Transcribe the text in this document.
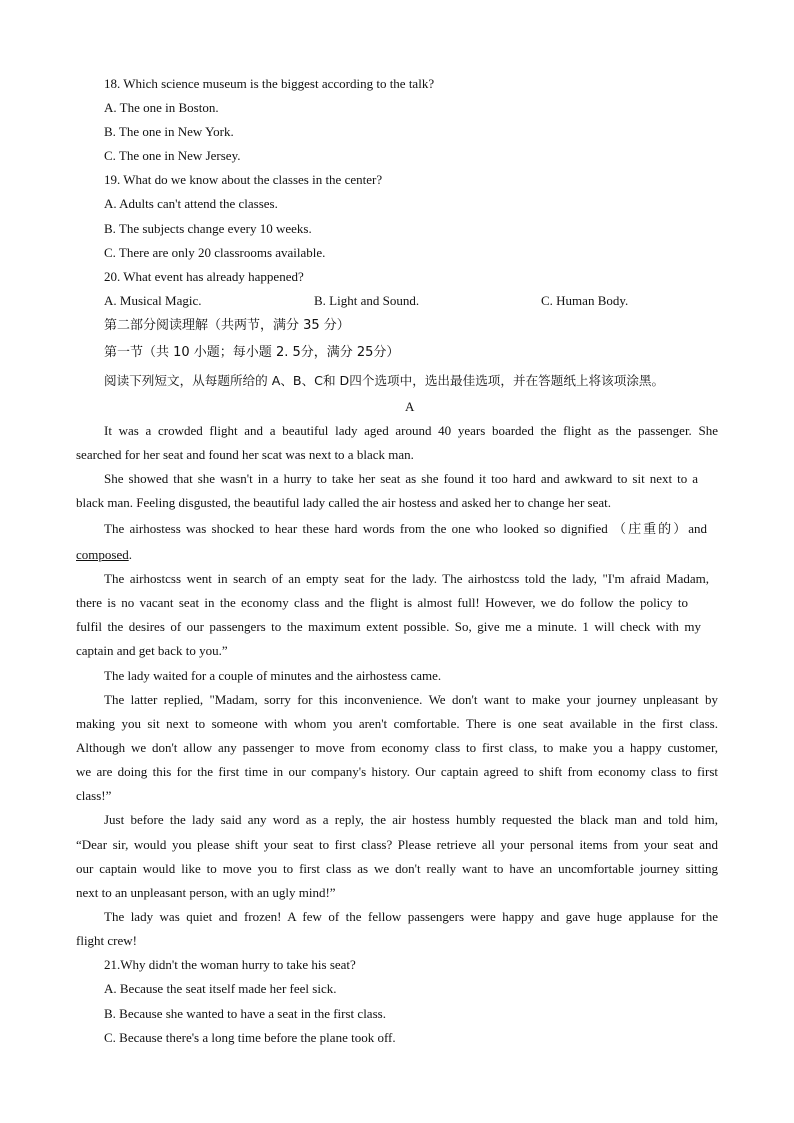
18. Which science museum is the biggest according to the talk?
A. The one in Boston.
B. The one in New York.
C. The one in New Jersey.
19. What do we know about the classes in the center?
A. Adults can't attend the classes.
B. The subjects change every 10 weeks.
C. There are only 20 classrooms available.
20. What event has already happened?
A. Musical Magic.	B. Light and Sound.	C. Human Body.
第二部分阅读理解（共两节，满分 35 分）
第一节（共 10 小题；每小题 2. 5分，满分 25分）
阅读下列短文，从每题所给的 A、B、C和 D四个选项中，选出最佳选项，并在答题纸上将该项涂黑。
A
It was a crowded flight and a beautiful lady aged around 40 years boarded the flight as the passenger. She
searched for her seat and found her scat was next to a black man.
She showed that she wasn't in a hurry to take her seat as she found it too hard and awkward to sit next to a
black man. Feeling disgusted, the beautiful lady called the air hostess and asked her to change her seat.
The airhostess was shocked to hear these hard words from the one who looked so dignified （庄重的）and
composed.
The airhostcss went in search of an empty seat for the lady. The airhostcss told the lady, "I'm afraid Madam,
there is no vacant seat in the economy class and the flight is almost full! However, we do follow the policy to
fulfil the desires of our passengers to the maximum extent possible. So, give me a minute. 1 will check with my
captain and get back to you.”
The lady waited for a couple of minutes and the airhostess came.
The latter replied, "Madam, sorry for this inconvenience. We don't want to make your journey unpleasant by
making you sit next to someone with whom you aren't comfortable. There is one seat available in the first class.
Although we don't allow any passenger to move from economy class to first class, to make you a happy customer,
we are doing this for the first time in our company's history. Our captain agreed to shift from economy class to first
class!”
Just before the lady said any word as a reply, the air hostess humbly requested the black man and told him,
“Dear sir, would you please shift your seat to first class? Please retrieve all your personal items from your seat and
our captain would like to move you to first class as we don't really want to have an uncomfortable journey sitting
next to an unpleasant person, with an ugly mind!”
The lady was quiet and frozen! A few of the fellow passengers were happy and gave huge applause for the
flight crew!
21.Why didn't the woman hurry to take his seat?
A. Because the seat itself made her feel sick.
B. Because she wanted to have a seat in the first class.
C. Because there's a long time before the plane took off.
